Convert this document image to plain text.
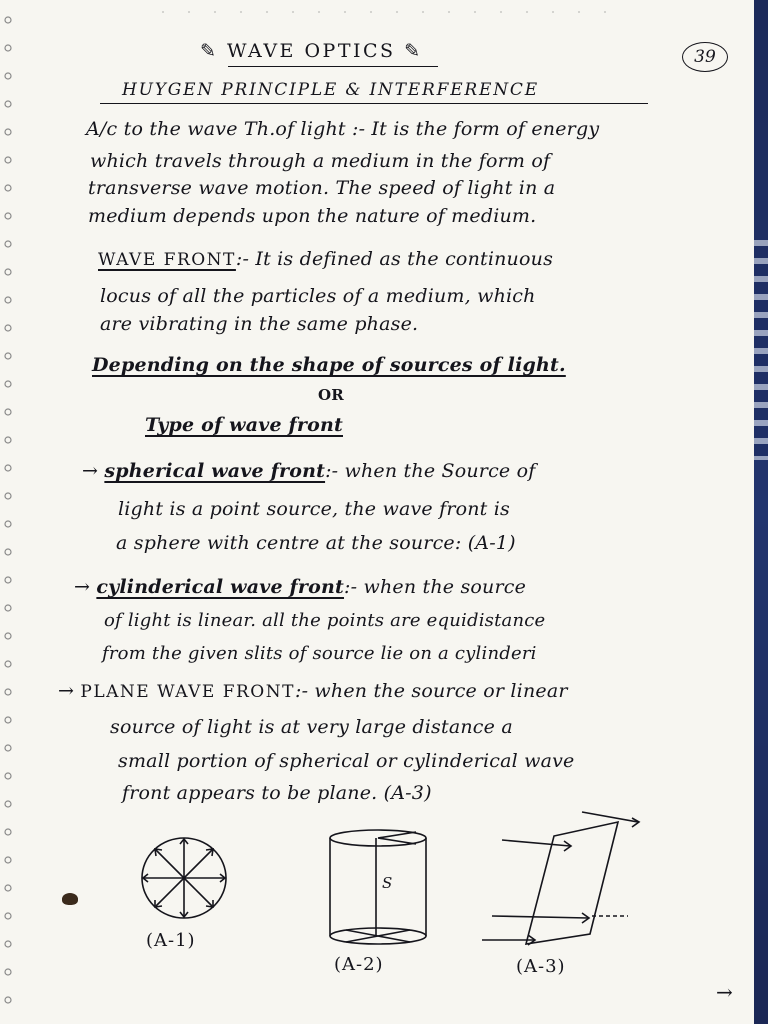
✎ WAVE OPTICS ✎	39
HUYGEN PRINCIPLE & INTERFERENCE
A/c to the wave Th.of light :- It is the form of energy
which travels through a medium in the form of
transverse wave motion. The speed of light in a
medium depends upon the nature of medium.
WAVE FRONT:- It is defined as the continuous
locus of all the particles of a medium, which
are vibrating in the same phase.
Depending on the shape of sources of light.
OR
Type of wave front
→ spherical wave front:- when the Source of
light is a point source, the wave front is
a sphere with centre at the source: (A-1)
→ cylinderical wave front:- when the source
of light is linear. all the points are equidistance
from the given slits of source lie on a cylinderi
→ PLANE WAVE FRONT:- when the source or linear
source of light is at very large distance a
small portion of spherical or cylinderical wave
front appears to be plane. (A-3)
(A-1)
S
(A-2)	(A-3)
→
